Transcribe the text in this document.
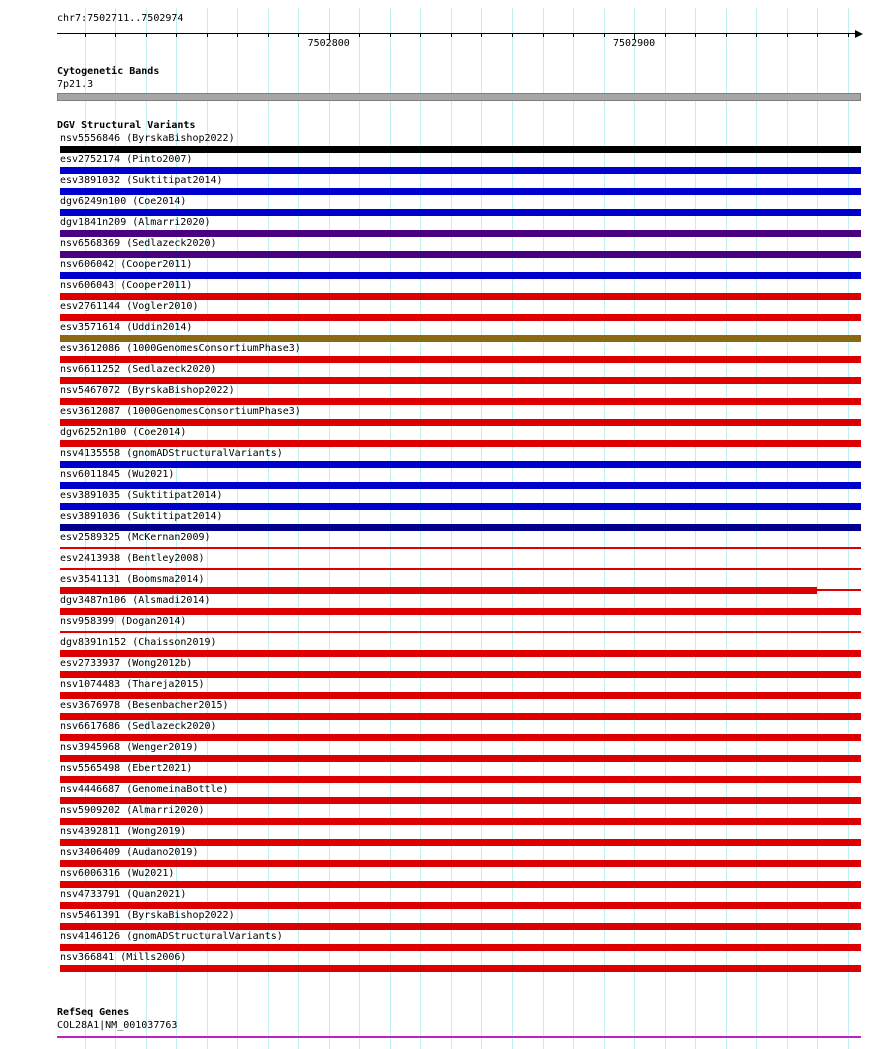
chr7:7502711..7502974
7502800	7502900
Cytogenetic Bands
7p21.3
DGV Structural Variants
nsv5556846 (ByrskaBishop2022)
esv2752174 (Pinto2007)
esv3891032 (Suktitipat2014)
dgv6249n100 (Coe2014)
dgv1841n209 (Almarri2020)
nsv6568369 (Sedlazeck2020)
nsv606042 (Cooper2011)
nsv606043 (Cooper2011)
esv2761144 (Vogler2010)
esv3571614 (Uddin2014)
esv3612086 (1000GenomesConsortiumPhase3)
nsv6611252 (Sedlazeck2020)
nsv5467072 (ByrskaBishop2022)
esv3612087 (1000GenomesConsortiumPhase3)
dgv6252n100 (Coe2014)
nsv4135558 (gnomADStructuralVariants)
nsv6011845 (Wu2021)
esv3891035 (Suktitipat2014)
esv3891036 (Suktitipat2014)
esv2589325 (McKernan2009)
esv2413938 (Bentley2008)
esv3541131 (Boomsma2014)
dgv3487n106 (Alsmadi2014)
nsv958399 (Dogan2014)
dgv8391n152 (Chaisson2019)
esv2733937 (Wong2012b)
nsv1074483 (Thareja2015)
esv3676978 (Besenbacher2015)
nsv6617686 (Sedlazeck2020)
nsv3945968 (Wenger2019)
nsv5565498 (Ebert2021)
nsv4446687 (GenomeinaBottle)
nsv5909202 (Almarri2020)
nsv4392811 (Wong2019)
nsv3406409 (Audano2019)
nsv6006316 (Wu2021)
nsv4733791 (Quan2021)
nsv5461391 (ByrskaBishop2022)
nsv4146126 (gnomADStructuralVariants)
nsv366841 (Mills2006)
RefSeq Genes
COL28A1|NM_001037763
